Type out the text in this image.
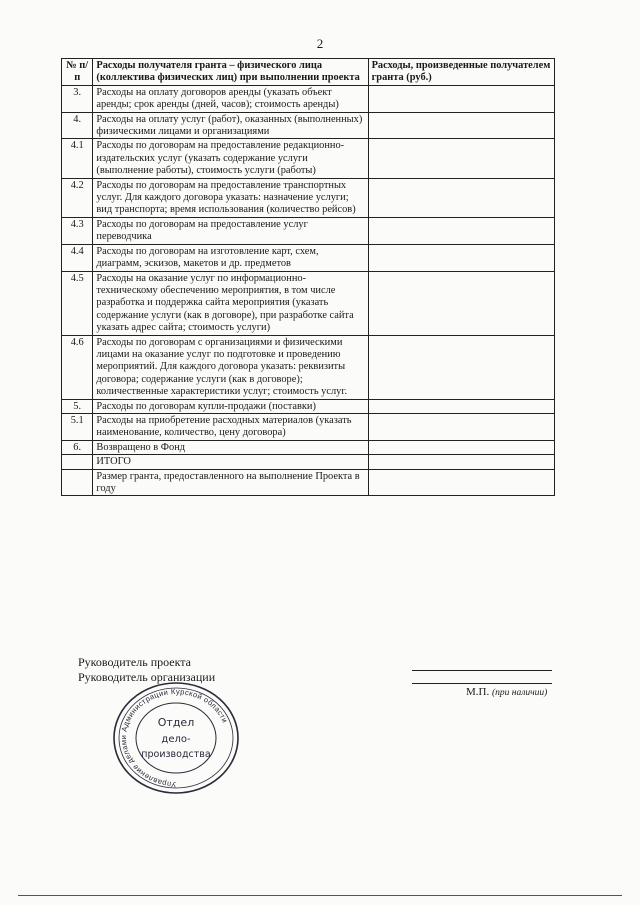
2
№ п/п	Расходы получателя гранта – физического лица (коллектива физических лиц) при выполнении проекта	Расходы, произведенные получателем гранта (руб.)
3.	Расходы на оплату договоров аренды (указать объект аренды; срок аренды (дней, часов); стоимость аренды)	
4.	Расходы на оплату услуг (работ), оказанных (выполненных) физическими лицами и организациями	
4.1	Расходы по договорам на предоставление редакционно-издательских услуг (указать содержание услуги (выполнение работы), стоимость услуги (работы)	
4.2	Расходы по договорам на предоставление транспортных услуг. Для каждого договора указать: назначение услуги; вид транспорта; время использования (количество рейсов)	
4.3	Расходы по договорам на предоставление услуг переводчика	
4.4	Расходы по договорам на изготовление карт, схем, диаграмм, эскизов, макетов и др. предметов	
4.5	Расходы на оказание услуг по информационно-техническому обеспечению мероприятия, в том числе разработка и поддержка сайта мероприятия (указать содержание услуги (как в договоре), при разработке сайта указать адрес сайта; стоимость услуги)	
4.6	Расходы по договорам с организациями и физическими лицами на оказание услуг по подготовке и проведению мероприятий. Для каждого договора указать: реквизиты договора; содержание услуги (как в договоре); количественные характеристики услуг; стоимость услуг.	
5.	Расходы по договорам купли-продажи (поставки)	
5.1	Расходы на приобретение расходных материалов (указать наименование, количество, цену договора)	
6.	Возвращено в Фонд	
	ИТОГО	
	Размер гранта, предоставленного на выполнение Проекта в      году	
Руководитель проекта
Руководитель организации
М.П. (при наличии)
Управление делами Администрации Курской области
Отдел
дело-
производства
